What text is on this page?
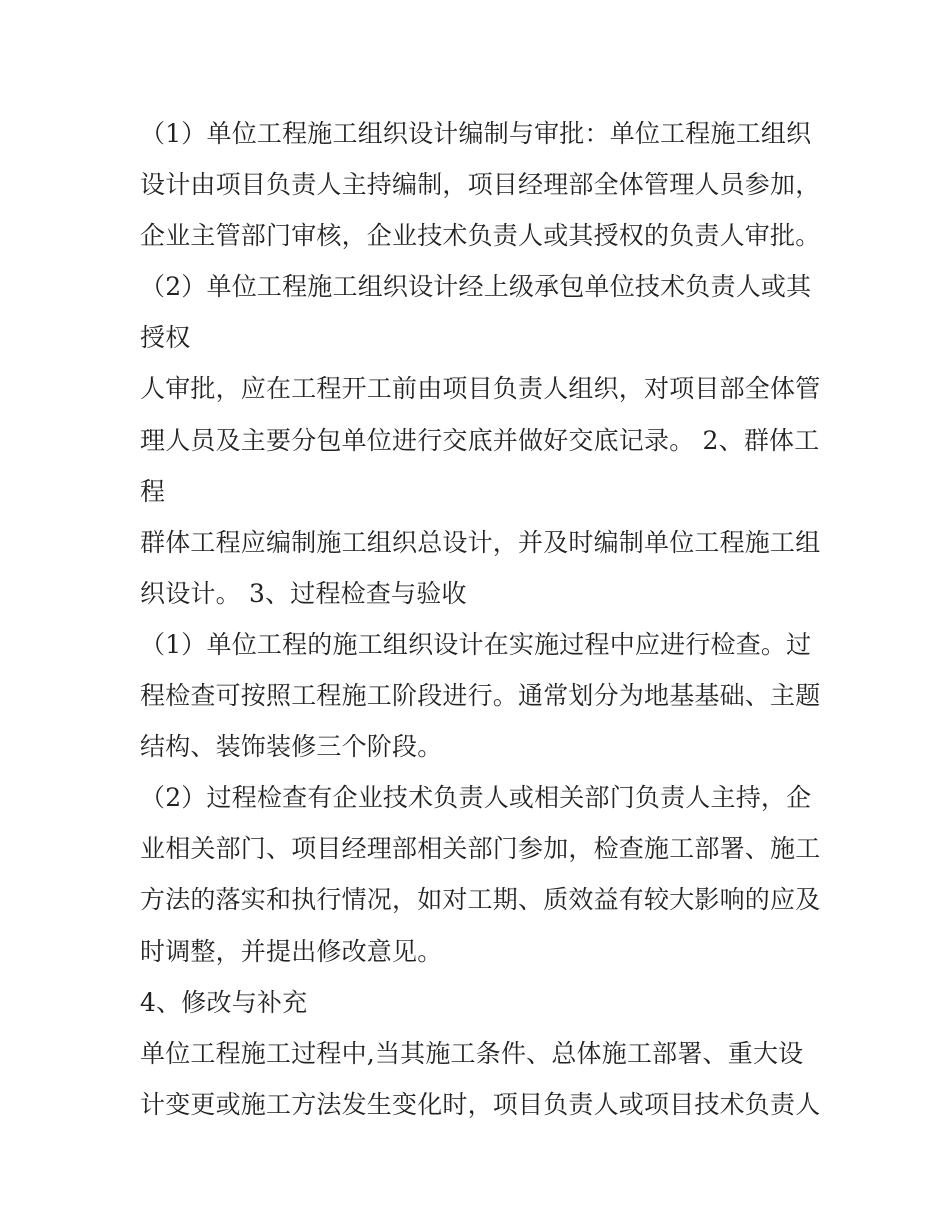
（1）单位工程施工组织设计编制与审批：单位工程施工组织
设计由项目负责人主持编制，项目经理部全体管理人员参加，
企业主管部门审核，企业技术负责人或其授权的负责人审批。
（2）单位工程施工组织设计经上级承包单位技术负责人或其
授权
人审批，应在工程开工前由项目负责人组织，对项目部全体管
理人员及主要分包单位进行交底并做好交底记录。 2、群体工
程
群体工程应编制施工组织总设计，并及时编制单位工程施工组
织设计。 3、过程检查与验收
（1）单位工程的施工组织设计在实施过程中应进行检查。过
程检查可按照工程施工阶段进行。通常划分为地基基础、主题
结构、装饰装修三个阶段。
（2）过程检查有企业技术负责人或相关部门负责人主持，企
业相关部门、项目经理部相关部门参加，检查施工部署、施工
方法的落实和执行情况，如对工期、质效益有较大影响的应及
时调整，并提出修改意见。
4、修改与补充
单位工程施工过程中,当其施工条件、总体施工部署、重大设
计变更或施工方法发生变化时，项目负责人或项目技术负责人
